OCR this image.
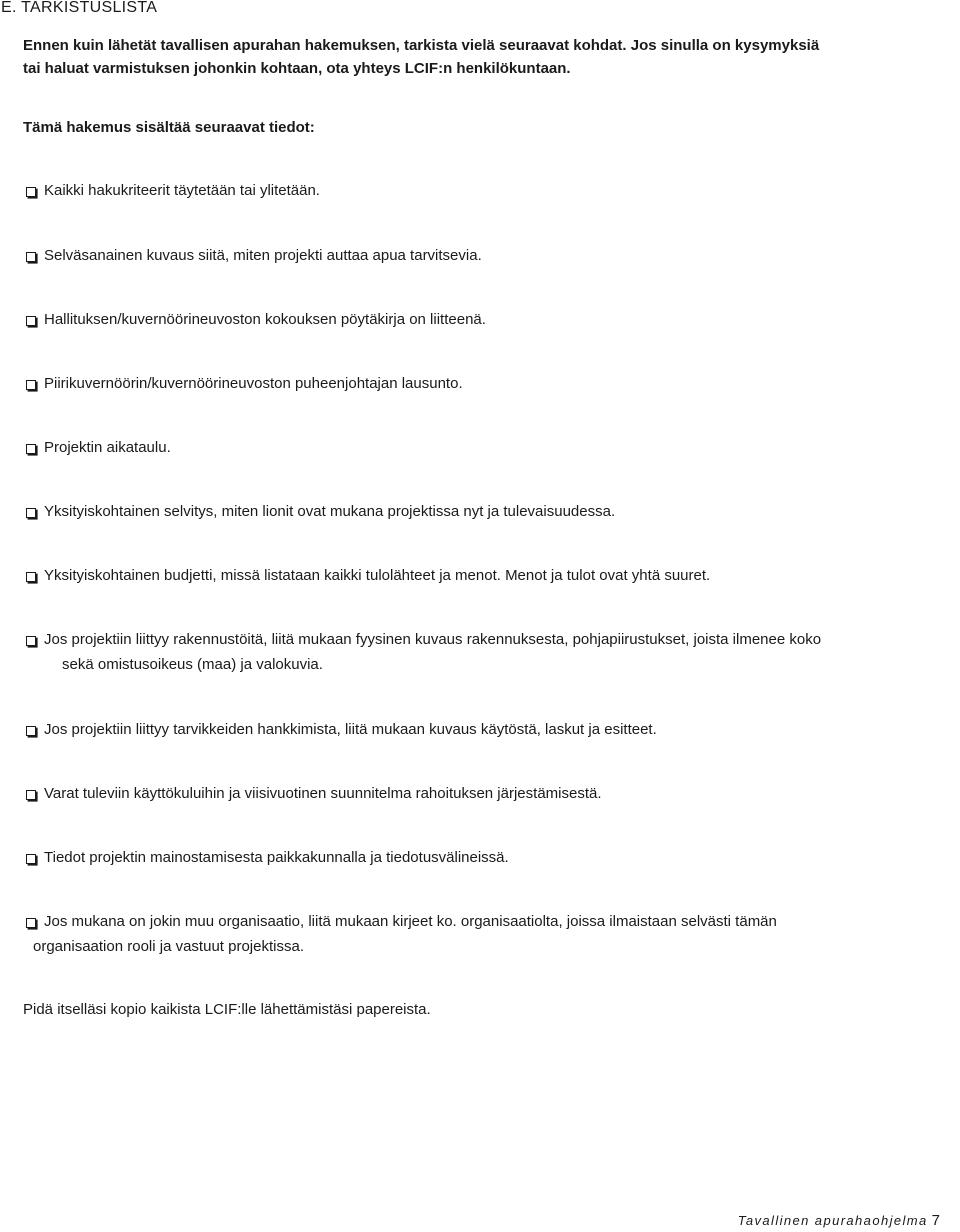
E. TARKISTUSLISTA

Ennen kuin lähetät tavallisen apurahan hakemuksen, tarkista vielä seuraavat kohdat. Jos sinulla on kysymyksiä
tai haluat varmistuksen johonkin kohtaan, ota yhteys LCIF:n henkilökuntaan.

Tämä hakemus sisältää seuraavat tiedot:

Kaikki hakukriteerit täytetään tai ylitetään.
Selväsanainen kuvaus siitä, miten projekti auttaa apua tarvitsevia.
Hallituksen/kuvernöörineuvoston kokouksen pöytäkirja on liitteenä.
Piirikuvernöörin/kuvernöörineuvoston puheenjohtajan lausunto.
Projektin aikataulu.
Yksityiskohtainen selvitys, miten lionit ovat mukana projektissa nyt ja tulevaisuudessa.
Yksityiskohtainen budjetti, missä listataan kaikki tulolähteet ja menot. Menot ja tulot ovat yhtä suuret.
Jos projektiin liittyy rakennustöitä, liitä mukaan fyysinen kuvaus rakennuksesta, pohjapiirustukset, joista ilmenee koko
sekä omistusoikeus (maa) ja valokuvia.
Jos projektiin liittyy tarvikkeiden hankkimista, liitä mukaan kuvaus käytöstä, laskut ja esitteet.
Varat tuleviin käyttökuluihin ja viisivuotinen suunnitelma rahoituksen järjestämisestä.
Tiedot projektin mainostamisesta paikkakunnalla ja tiedotusvälineissä.
Jos mukana on jokin muu organisaatio, liitä mukaan kirjeet ko. organisaatiolta, joissa ilmaistaan selvästi tämän
organisaation rooli ja vastuut projektissa.

Pidä itselläsi kopio kaikista LCIF:lle lähettämistäsi papereista.

Tavallinen apurahaohjelma 7
